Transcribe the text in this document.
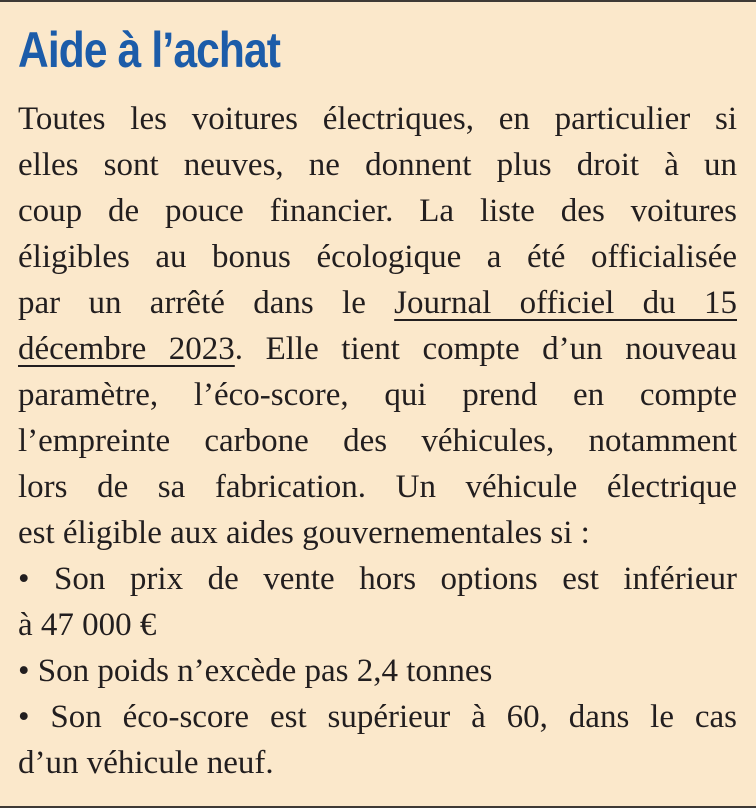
Aide à l’achat
Toutes les voitures électriques, en particulier si
elles sont neuves, ne donnent plus droit à un
coup de pouce financier. La liste des voitures
éligibles au bonus écologique a été officialisée
par un arrêté dans le Journal officiel du 15
décembre 2023. Elle tient compte d’un nouveau
paramètre, l’éco-score, qui prend en compte
l’empreinte carbone des véhicules, notamment
lors de sa fabrication. Un véhicule électrique
est éligible aux aides gouvernementales si :
• Son prix de vente hors options est inférieur
à 47 000 €
• Son poids n’excède pas 2,4 tonnes
• Son éco-score est supérieur à 60, dans le cas
d’un véhicule neuf.
